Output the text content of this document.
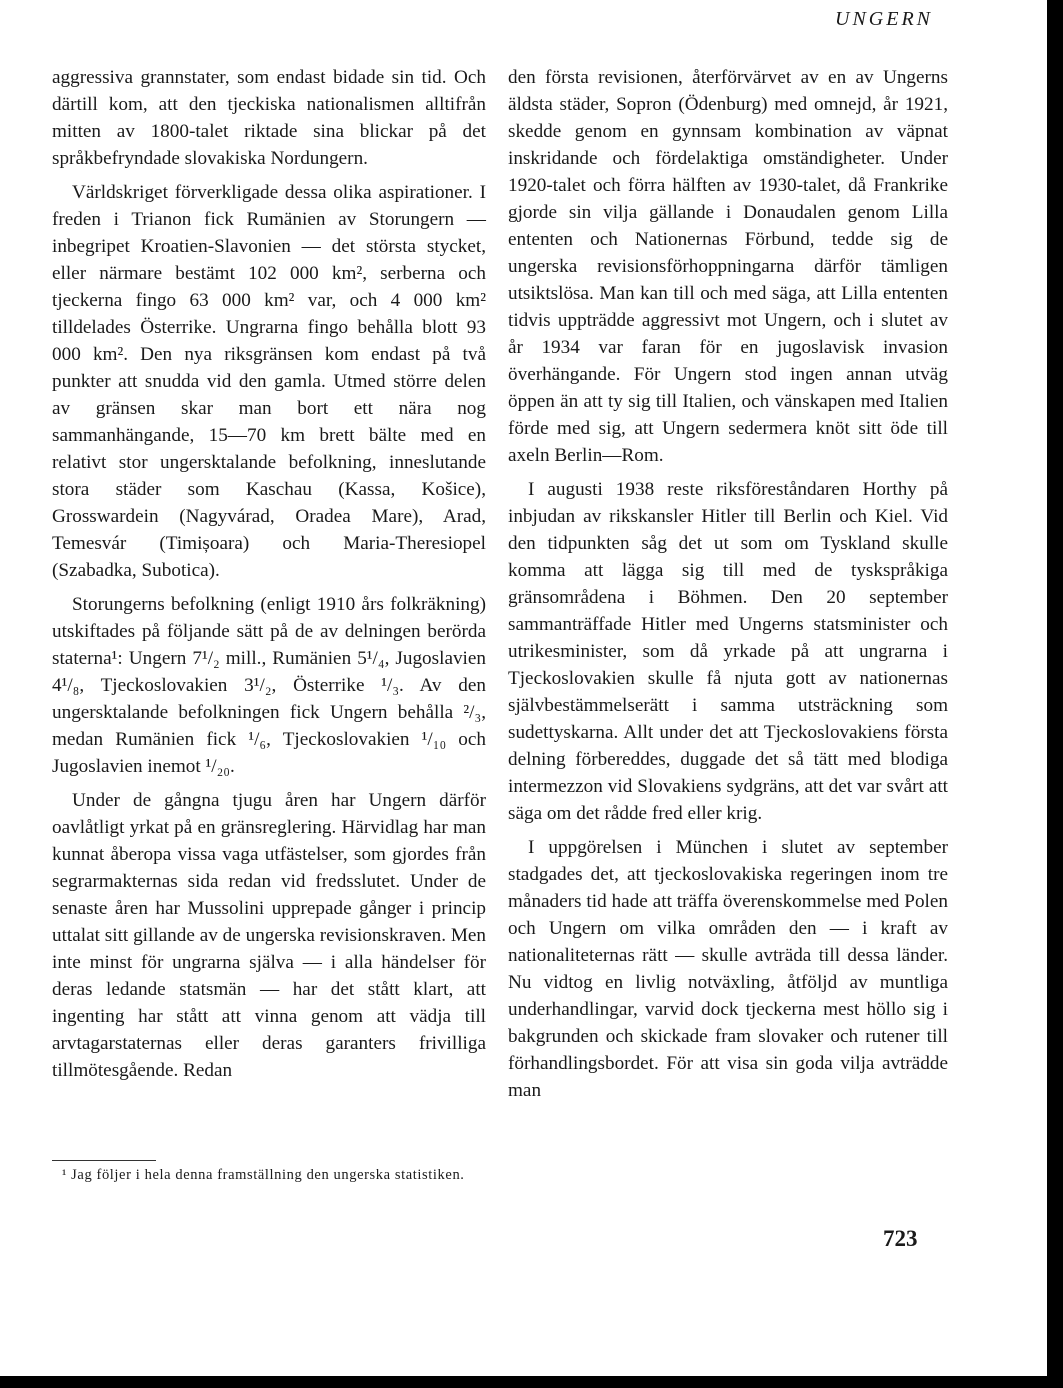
UNGERN

aggressiva grannstater, som endast bidade sin tid. Och därtill kom, att den tjeckiska nationalismen alltifrån mitten av 1800-talet riktade sina blickar på det språkbefryndade slovakiska Nordungern.

Världskriget förverkligade dessa olika aspirationer. I freden i Trianon fick Rumänien av Storungern — inbegripet Kroatien-Slavonien — det största stycket, eller närmare bestämt 102 000 km², serberna och tjeckerna fingo 63 000 km² var, och 4 000 km² tilldelades Österrike. Ungrarna fingo behålla blott 93 000 km². Den nya riksgränsen kom endast på två punkter att snudda vid den gamla. Utmed större delen av gränsen skar man bort ett nära nog sammanhängande, 15—70 km brett bälte med en relativt stor ungersktalande befolkning, inneslutande stora städer som Kaschau (Kassa, Košice), Grosswardein (Nagyvárad, Oradea Mare), Arad, Temesvár (Timișoara) och Maria-Theresiopel (Szabadka, Subotica).

Storungerns befolkning (enligt 1910 års folkräkning) utskiftades på följande sätt på de av delningen berörda staterna¹: Ungern 7¹/₂ mill., Rumänien 5¹/₄, Jugoslavien 4¹/₈, Tjeckoslovakien 3¹/₂, Österrike ¹/₃. Av den ungersktalande befolkningen fick Ungern behålla ²/₃, medan Rumänien fick ¹/₆, Tjeckoslovakien ¹/₁₀ och Jugoslavien inemot ¹/₂₀.

Under de gångna tjugu åren har Ungern därför oavlåtligt yrkat på en gränsreglering. Härvidlag har man kunnat åberopa vissa vaga utfästelser, som gjordes från segrarmakternas sida redan vid fredsslutet. Under de senaste åren har Mussolini upprepade gånger i princip uttalat sitt gillande av de ungerska revisionskraven. Men inte minst för ungrarna själva — i alla händelser för deras ledande statsmän — har det stått klart, att ingenting har stått att vinna genom att vädja till arvtagarstaternas eller deras garanters frivilliga tillmötesgående. Redan

den första revisionen, återförvärvet av en av Ungerns äldsta städer, Sopron (Ödenburg) med omnejd, år 1921, skedde genom en gynnsam kombination av väpnat inskridande och fördelaktiga omständigheter. Under 1920-talet och förra hälften av 1930-talet, då Frankrike gjorde sin vilja gällande i Donaudalen genom Lilla ententen och Nationernas Förbund, tedde sig de ungerska revisionsförhoppningarna därför tämligen utsiktslösa. Man kan till och med säga, att Lilla ententen tidvis uppträdde aggressivt mot Ungern, och i slutet av år 1934 var faran för en jugoslavisk invasion överhängande. För Ungern stod ingen annan utväg öppen än att ty sig till Italien, och vänskapen med Italien förde med sig, att Ungern sedermera knöt sitt öde till axeln Berlin—Rom.

I augusti 1938 reste riksföreståndaren Horthy på inbjudan av rikskansler Hitler till Berlin och Kiel. Vid den tidpunkten såg det ut som om Tyskland skulle komma att lägga sig till med de tyskspråkiga gränsområdena i Böhmen. Den 20 september sammanträffade Hitler med Ungerns statsminister och utrikesminister, som då yrkade på att ungrarna i Tjeckoslovakien skulle få njuta gott av nationernas självbestämmelserätt i samma utsträckning som sudettyskarna. Allt under det att Tjeckoslovakiens första delning förbereddes, duggade det så tätt med blodiga intermezzon vid Slovakiens sydgräns, att det var svårt att säga om det rådde fred eller krig.

I uppgörelsen i München i slutet av september stadgades det, att tjeckoslovakiska regeringen inom tre månaders tid hade att träffa överenskommelse med Polen och Ungern om vilka områden den — i kraft av nationaliteternas rätt — skulle avträda till dessa länder. Nu vidtog en livlig notväxling, åtföljd av muntliga underhandlingar, varvid dock tjeckerna mest höllo sig i bakgrunden och skickade fram slovaker och rutener till förhandlingsbordet. För att visa sin goda vilja avträdde man

¹ Jag följer i hela denna framställning den ungerska statistiken.
723
